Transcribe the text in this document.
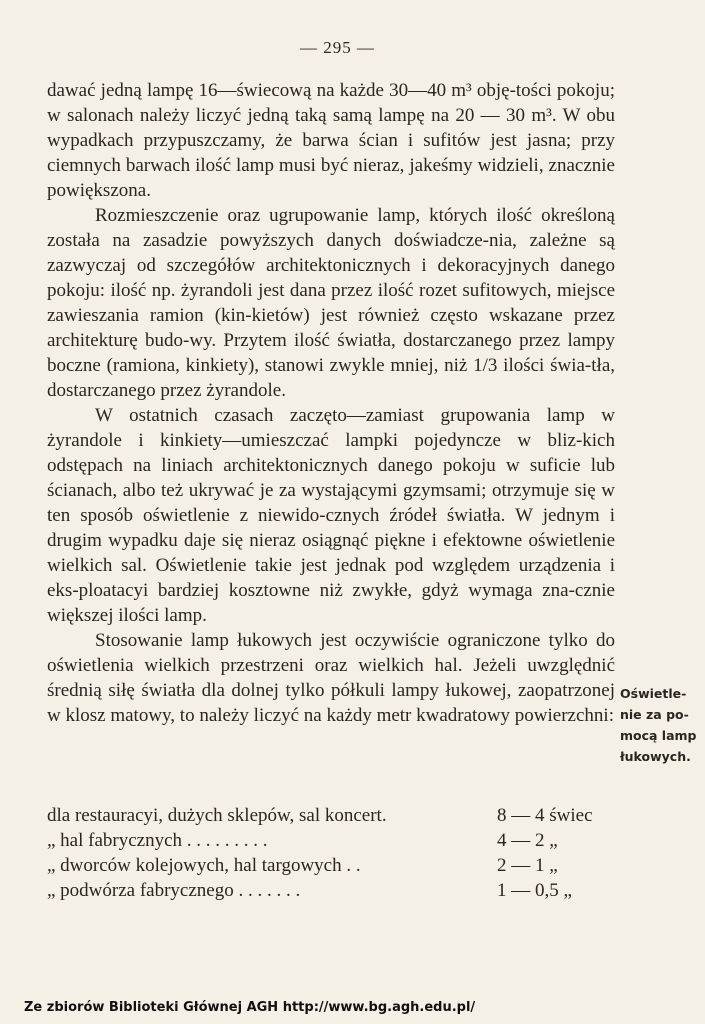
— 295 —

dawać jedną lampę 16—świecową na każde 30—40 m³ obję-tości pokoju; w salonach należy liczyć jedną taką samą lampę na 20 — 30 m³. W obu wypadkach przypuszczamy, że barwa ścian i sufitów jest jasna; przy ciemnych barwach ilość lamp musi być nieraz, jakeśmy widzieli, znacznie powiększona.

Rozmieszczenie oraz ugrupowanie lamp, których ilość określoną została na zasadzie powyższych danych doświadcze-nia, zależne są zazwyczaj od szczegółów architektonicznych i dekoracyjnych danego pokoju: ilość np. żyrandoli jest dana przez ilość rozet sufitowych, miejsce zawieszania ramion (kin-kietów) jest również często wskazane przez architekturę budo-wy. Przytem ilość światła, dostarczanego przez lampy boczne (ramiona, kinkiety), stanowi zwykle mniej, niż 1/3 ilości świa-tła, dostarczanego przez żyrandole.

W ostatnich czasach zaczęto—zamiast grupowania lamp w żyrandole i kinkiety—umieszczać lampki pojedyncze w bliz-kich odstępach na liniach architektonicznych danego pokoju w suficie lub ścianach, albo też ukrywać je za wystającymi gzymsami; otrzymuje się w ten sposób oświetlenie z niewido-cznych źródeł światła. W jednym i drugim wypadku daje się nieraz osiągnąć piękne i efektowne oświetlenie wielkich sal. Oświetlenie takie jest jednak pod względem urządzenia i eks-ploatacyi bardziej kosztowne niż zwykłe, gdyż wymaga zna-cznie większej ilości lamp.

Stosowanie lamp łukowych jest oczywiście ograniczone tylko do oświetlenia wielkich przestrzeni oraz wielkich hal. Jeżeli uwzględnić średnią siłę światła dla dolnej tylko półkuli lampy łukowej, zaopatrzonej w klosz matowy, to należy liczyć na każdy metr kwadratowy powierzchni:

Oświetle-
nie za po-
mocą lamp
łukowych.
dla restauracyi, dużych sklepów, sal koncert.	8 — 4 świec
„ hal fabrycznych . . . . . . . . .	4 — 2 „
„ dworców kolejowych, hal targowych . .	2 — 1 „
„ podwórza fabrycznego . . . . . . .	1 — 0,5 „
Ze zbiorów Biblioteki Głównej AGH http://www.bg.agh.edu.pl/
